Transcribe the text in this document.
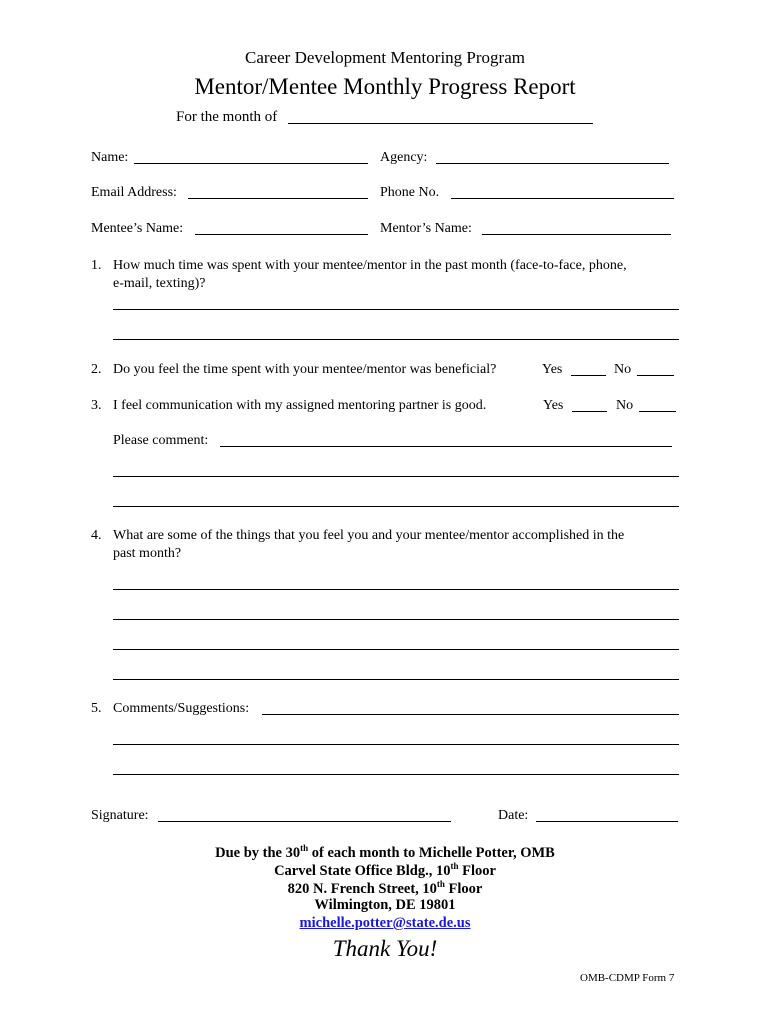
Career Development Mentoring Program
Mentor/Mentee Monthly Progress Report
For the month of
Name:	Agency:
Email Address:	Phone No.
Mentee’s Name:	Mentor’s Name:
1. How much time was spent with your mentee/mentor in the past month (face-to-face, phone,
e-mail, texting)?
2. Do you feel the time spent with your mentee/mentor was beneficial?	Yes	No
3. I feel communication with my assigned mentoring partner is good.	Yes	No
Please comment:
4. What are some of the things that you feel you and your mentee/mentor accomplished in the
past month?
5. Comments/Suggestions:
Signature:	Date:
Due by the 30th of each month to Michelle Potter, OMB
Carvel State Office Bldg., 10th Floor
820 N. French Street, 10th Floor
Wilmington, DE 19801
michelle.potter@state.de.us
Thank You!
OMB-CDMP Form 7
